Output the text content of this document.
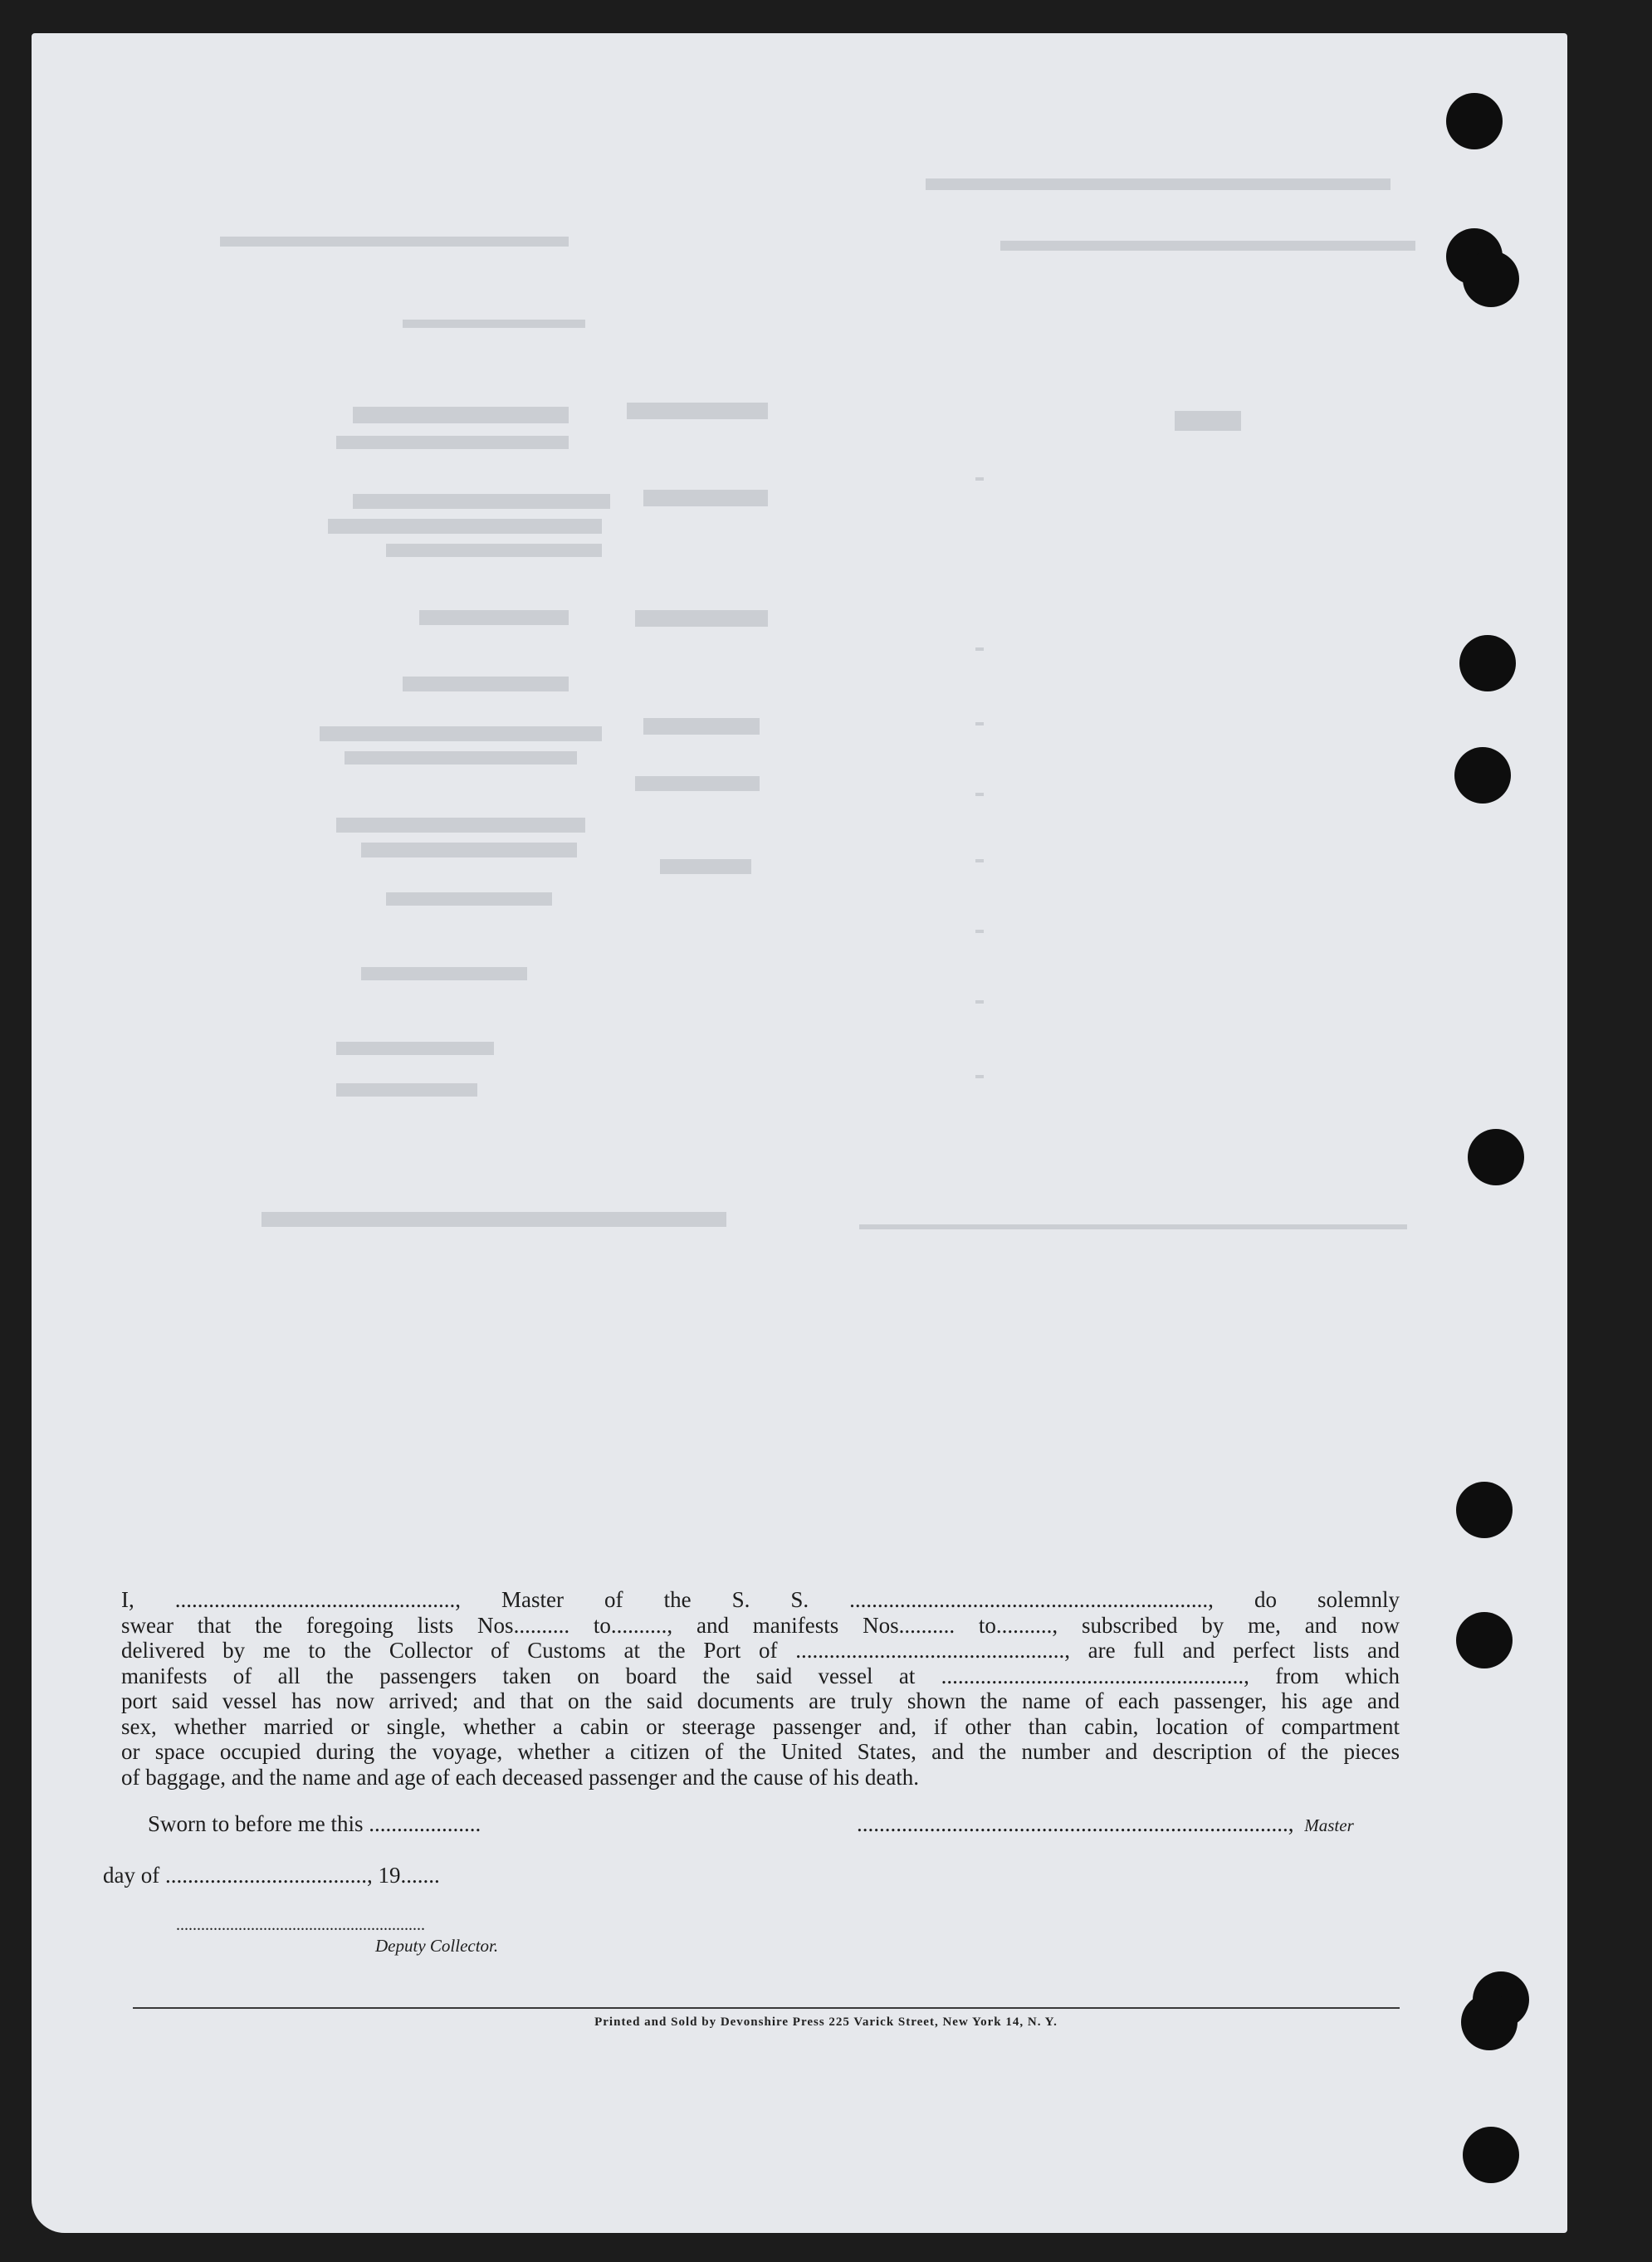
I, .................................................., Master of the S. S. ................................................................, do solemnly
swear that the foregoing lists Nos.......... to.........., and manifests Nos.......... to.........., subscribed by me, and now
delivered by me to the Collector of Customs at the Port of ................................................, are full and perfect lists and
manifests of all the passengers taken on board the said vessel at ......................................................, from which
port said vessel has now arrived; and that on the said documents are truly shown the name of each passenger, his age and
sex, whether married or single, whether a cabin or steerage passenger and, if other than cabin, location of compartment
or space occupied during the voyage, whether a citizen of the United States, and the number and description of the pieces
of baggage, and the name and age of each deceased passenger and the cause of his death.
Sworn to before me this ....................	............................................................................., Master
day of ...................................., 19.......
............................................................
Deputy Collector.
Printed and Sold by Devonshire Press 225 Varick Street, New York 14, N. Y.
